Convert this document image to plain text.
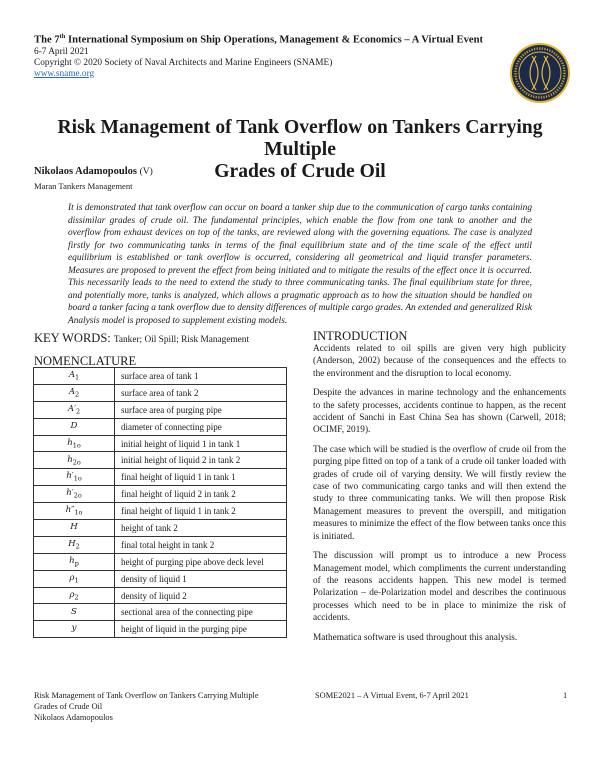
The 7th International Symposium on Ship Operations, Management & Economics – A Virtual Event
6-7 April 2021
Copyright © 2020 Society of Naval Architects and Marine Engineers (SNAME)
www.sname.org
Risk Management of Tank Overflow on Tankers Carrying Multiple
Grades of Crude Oil
Nikolaos Adamopoulos (V)
Maran Tankers Management
It is demonstrated that tank overflow can occur on board a tanker ship due to the communication of cargo tanks containing dissimilar grades of crude oil. The fundamental principles, which enable the flow from one tank to another and the overflow from exhaust devices on top of the tanks, are reviewed along with the governing equations. The case is analyzed firstly for two communicating tanks in terms of the final equilibrium state and of the time scale of the effect until equilibrium is established or tank overflow is occurred, considering all geometrical and liquid transfer parameters. Measures are proposed to prevent the effect from being initiated and to mitigate the results of the effect once it is occurred. This necessarily leads to the need to extend the study to three communicating tanks. The final equilibrium state for three, and potentially more, tanks is analyzed, which allows a pragmatic approach as to how the situation should be handled on board a tanker facing a tank overflow due to density differences of multiple cargo grades. An extended and generalized Risk Analysis model is proposed to supplement existing models.
KEY WORDS: Tanker; Oil Spill; Risk Management
NOMENCLATURE
$A_1$	surface area of tank 1
$A_2$	surface area of tank 2
$A'_2$	surface area of purging pipe
D	diameter of connecting pipe
$h_{1o}$	initial height of liquid 1 in tank 1
$h_{2o}$	initial height of liquid 2 in tank 2
$h'_{1o}$	final height of liquid 1 in tank 1
$h'_{2o}$	final height of liquid 2 in tank 2
$h''_{1o}$	final height of liquid 1 in tank 2
H	height of tank 2
$H_2$	final total height in tank 2
$h_p$	height of purging pipe above deck level
$\rho_1$	density of liquid 1
$\rho_2$	density of liquid 2
S	sectional area of the connecting pipe
y	height of liquid in the purging pipe
INTRODUCTION

Accidents related to oil spills are given very high publicity (Anderson, 2002) because of the consequences and the effects to the environment and the disruption to local economy.

Despite the advances in marine technology and the enhancements to the safety processes, accidents continue to happen, as the recent accident of Sanchi in East China Sea has shown (Carwell, 2018; OCIMF, 2019).

The case which will be studied is the overflow of crude oil from the purging pipe fitted on top of a tank of a crude oil tanker loaded with grades of crude oil of varying density. We will firstly review the case of two communicating cargo tanks and will then extend the study to three communicating tanks. We will then propose Risk Management measures to prevent the overspill, and mitigation measures to minimize the effect of the flow between tanks once this is initiated.

The discussion will prompt us to introduce a new Process Management model, which compliments the current understanding of the reasons accidents happen. This new model is termed Polarization – de-Polarization model and describes the continuous processes which need to be in place to minimize the risk of accidents.

Mathematica software is used throughout this analysis.

Risk Management of Tank Overflow on Tankers Carrying Multiple
Grades of Crude Oil
Nikolaos Adamopoulos
SOME2021 – A Virtual Event, 6-7 April 2021	1
